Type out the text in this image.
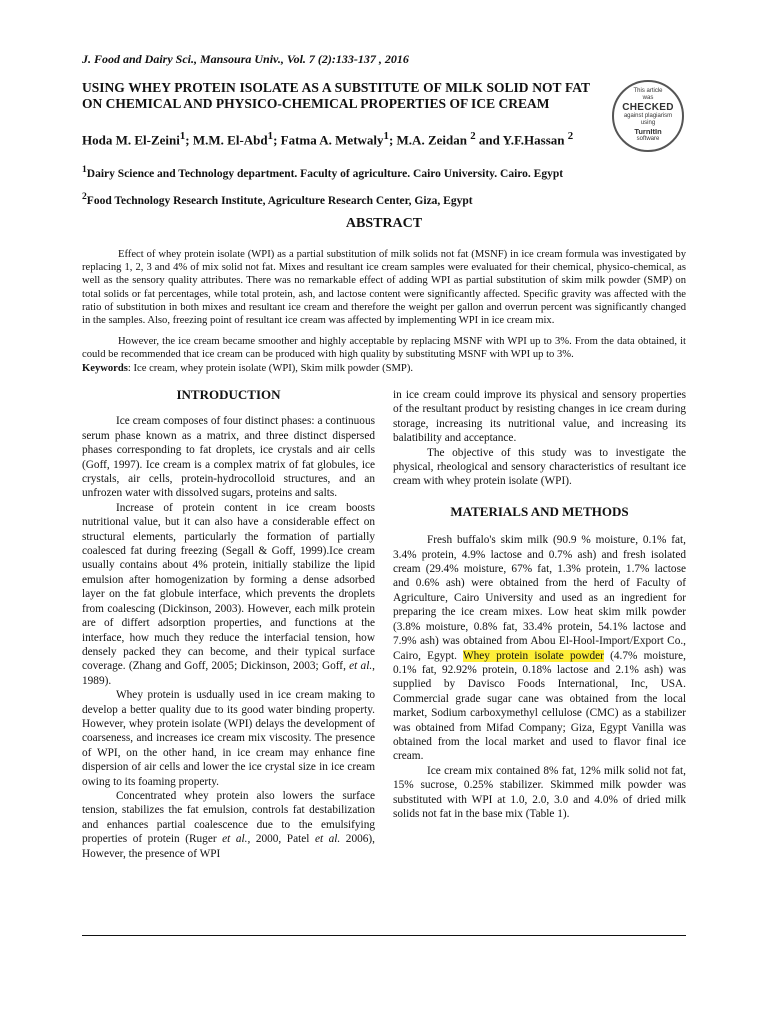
J. Food and Dairy Sci., Mansoura Univ., Vol. 7 (2):133-137 , 2016
USING WHEY PROTEIN ISOLATE AS A SUBSTITUTE OF MILK SOLID NOT FAT ON CHEMICAL AND PHYSICO-CHEMICAL PROPERTIES OF ICE CREAM
Hoda M. El-Zeini$^1$; M.M. El-Abd$^1$; Fatma A. Metwaly$^1$; M.A. Zeidan $^2$ and Y.F.Hassan $^2$
$^1$Dairy Science and Technology department. Faculty of agriculture. Cairo University. Cairo. Egypt
$^2$Food Technology Research Institute, Agriculture Research Center, Giza, Egypt
This article
was
CHECKED
against plagiarism
using
TurnItIn
software
ABSTRACT
Effect of whey protein isolate (WPI) as a partial substitution of milk solids not fat (MSNF) in ice cream formula was investigated by replacing 1, 2, 3 and 4% of mix solid not fat. Mixes and resultant ice cream samples were evaluated for their chemical, physico-chemical, as well as the sensory quality attributes. There was no remarkable effect of adding WPI as partial substitution of skim milk powder (SMP) on total solids or fat percentages, while total protein, ash, and lactose content were significantly affected. Specific gravity was affected with the ratio of substitution in both mixes and resultant ice cream and therefore the weight per gallon and overrun percent was significantly changed in the samples. Also, freezing point of resultant ice cream was affected by implementing WPI in ice cream mix.
However, the ice cream became smoother and highly acceptable by replacing MSNF with WPI up to 3%. From the data obtained, it could be recommended that ice cream can be produced with high quality by substituting MSNF with WPI up to 3%.
Keywords: Ice cream, whey protein isolate (WPI), Skim milk powder (SMP).

INTRODUCTION

Ice cream composes of four distinct phases: a continuous serum phase known as a matrix, and three distinct dispersed phases corresponding to fat droplets, ice crystals and air cells (Goff, 1997). Ice cream is a complex matrix of fat globules, ice crystals, air cells, protein-hydrocolloid structures, and an unfrozen water with dissolved sugars, proteins and salts.

Increase of protein content in ice cream boosts nutritional value, but it can also have a considerable effect on structural elements, particularly the formation of partially coalesced fat during freezing (Segall & Goff, 1999).Ice cream usually contains about 4% protein, initially stabilize the lipid emulsion after homogenization by forming a dense adsorbed layer on the fat globule interface, which prevents the droplets from coalescing (Dickinson, 2003). However, each milk protein are of differt adsorption properties, and functions at the interface, how much they reduce the interfacial tension, how densely packed they can become, and their typical surface coverage. (Zhang and Goff, 2005; Dickinson, 2003; Goff, et al., 1989).

Whey protein is usdually used in ice cream making to develop a better quality due to its good water binding property. However, whey protein isolate (WPI) delays the development of coarseness, and increases ice cream mix viscosity. The presence of WPI, on the other hand, in ice cream may enhance fine dispersion of air cells and lower the ice crystal size in ice cream owing to its foaming property.

Concentrated whey protein also lowers the surface tension, stabilizes the fat emulsion, controls fat destabilization and enhances partial coalescence due to the emulsifying properties of protein (Ruger et al., 2000, Patel et al. 2006), However, the presence of WPI

in ice cream could improve its physical and sensory properties of the resultant product by resisting changes in ice cream during storage, increasing its nutritional value, and increasing its balatibility and acceptance.

The objective of this study was to investigate the physical, rheological and sensory characteristics of resultant ice cream with whey protein isolate (WPI).

MATERIALS AND METHODS

Fresh buffalo's skim milk (90.9 % moisture, 0.1% fat, 3.4% protein, 4.9% lactose and 0.7% ash) and fresh isolated cream (29.4% moisture, 67% fat, 1.3% protein, 1.7% lactose and 0.6% ash) were obtained from the herd of Faculty of Agriculture, Cairo University and used as an ingredient for preparing the ice cream mixes. Low heat skim milk powder (3.8% moisture, 0.8% fat, 33.4% protein, 54.1% lactose and 7.9% ash) was obtained from Abou El-Hool-Import/Export Co., Cairo, Egypt. Whey protein isolate powder (4.7% moisture, 0.1% fat, 92.92% protein, 0.18% lactose and 2.1% ash) was supplied by Davisco Foods International, Inc, USA. Commercial grade sugar cane was obtained from the local market, Sodium carboxymethyl cellulose (CMC) as a stabilizer was obtained from Mifad Company; Giza, Egypt Vanilla was obtained from the local market and used to flavor final ice cream.

Ice cream mix contained 8% fat, 12% milk solid not fat, 15% sucrose, 0.25% stabilizer. Skimmed milk powder was substituted with WPI at 1.0, 2.0, 3.0 and 4.0% of dried milk solids not fat in the base mix (Table 1).
